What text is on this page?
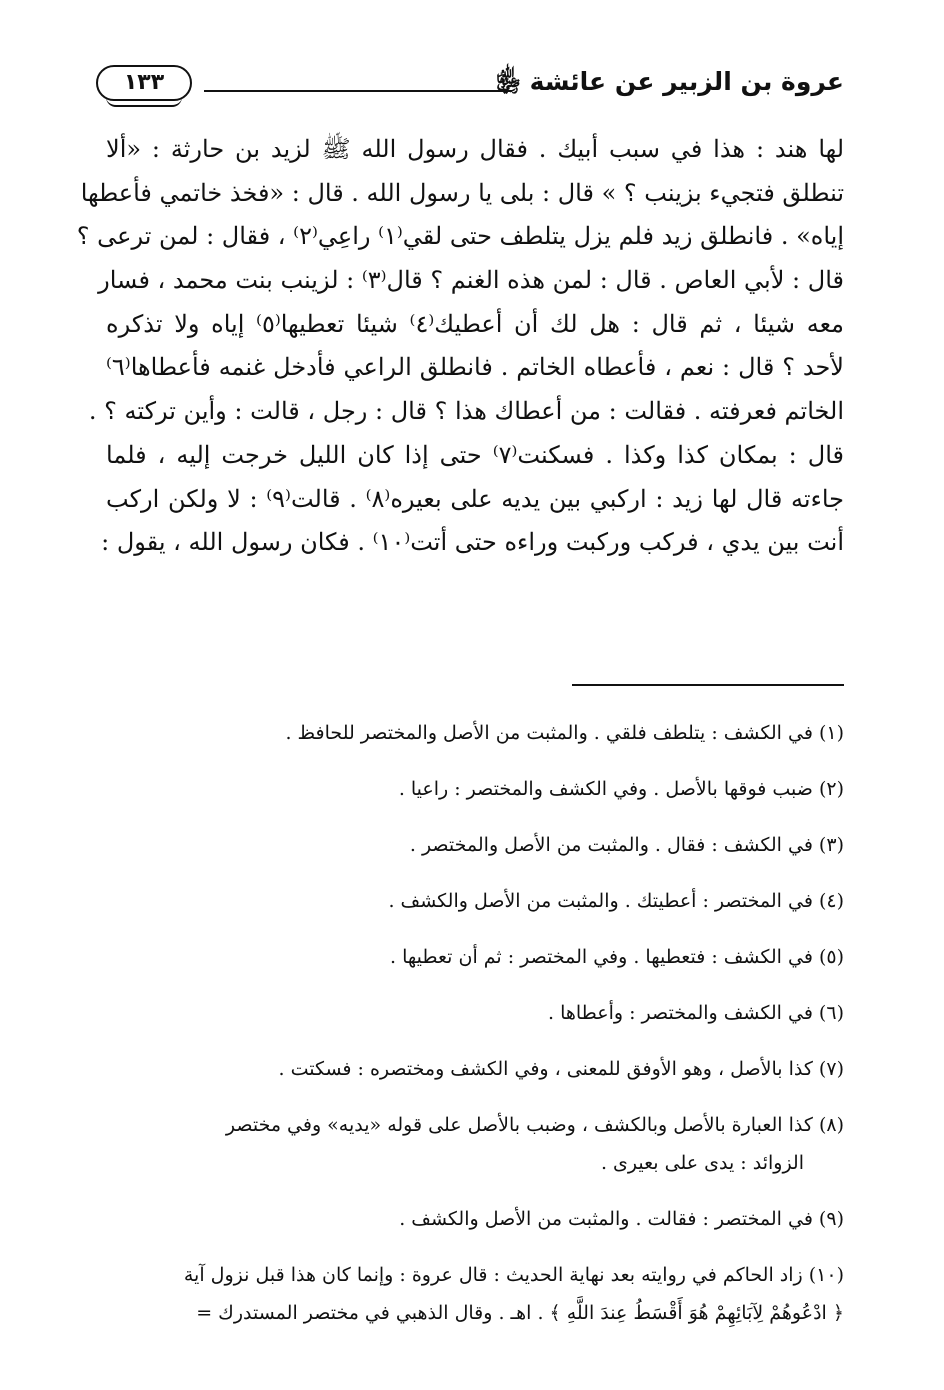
عروة بن الزبير عن عائشة ﵂
١٣٣
لها هند : هذا في سبب أبيك . فقال رسول الله ﷺ لزيد بن حارثة : «ألا
تنطلق فتجيء بزينب ؟ » قال : بلى يا رسول الله . قال : «فخذ خاتمي فأعطها
إياه» . فانطلق زيد فلم يزل يتلطف حتى لقي⁽١⁾ راعِي⁽٢⁾ ، فقال : لمن ترعى ؟
قال : لأبي العاص . قال : لمن هذه الغنم ؟ قال⁽٣⁾ : لزينب بنت محمد ، فسار
معه شيئا ، ثم قال : هل لك أن أعطيك⁽٤⁾ شيئا تعطيها⁽٥⁾ إياه ولا تذكره
لأحد ؟ قال : نعم ، فأعطاه الخاتم . فانطلق الراعي فأدخل غنمه فأعطاها⁽٦⁾
الخاتم فعرفته . فقالت : من أعطاك هذا ؟ قال : رجل ، قالت : وأين تركته ؟ .
قال : بمكان كذا وكذا . فسكنت⁽٧⁾ حتى إذا كان الليل خرجت إليه ، فلما
جاءته قال لها زيد : اركبي بين يديه على بعيره⁽٨⁾ . قالت⁽٩⁾ : لا ولكن اركب
أنت بين يدي ، فركب وركبت وراءه حتى أتت⁽١٠⁾ . فكان رسول الله ، يقول :
(١) في الكشف : يتلطف فلقي . والمثبت من الأصل والمختصر للحافظ .
(٢) ضبب فوقها بالأصل . وفي الكشف والمختصر : راعيا .
(٣) في الكشف : فقال . والمثبت من الأصل والمختصر .
(٤) في المختصر : أعطيتك . والمثبت من الأصل والكشف .
(٥) في الكشف : فتعطيها . وفي المختصر : ثم أن تعطيها .
(٦) في الكشف والمختصر : وأعطاها .
(٧) كذا بالأصل ، وهو الأوفق للمعنى ، وفي الكشف ومختصره : فسكتت .
(٨) كذا العبارة بالأصل وبالكشف ، وضبب بالأصل على قوله «يديه» وفي مختصر
الزوائد : يدى على بعيرى .
(٩) في المختصر : فقالت . والمثبت من الأصل والكشف .
(١٠) زاد الحاكم في روايته بعد نهاية الحديث : قال عروة : وإنما كان هذا قبل نزول آية
﴿ ادْعُوهُمْ لِآبَائِهِمْ هُوَ أَقْسَطُ عِندَ اللَّهِ ﴾ . اهـ . وقال الذهبي في مختصر المستدرك =
